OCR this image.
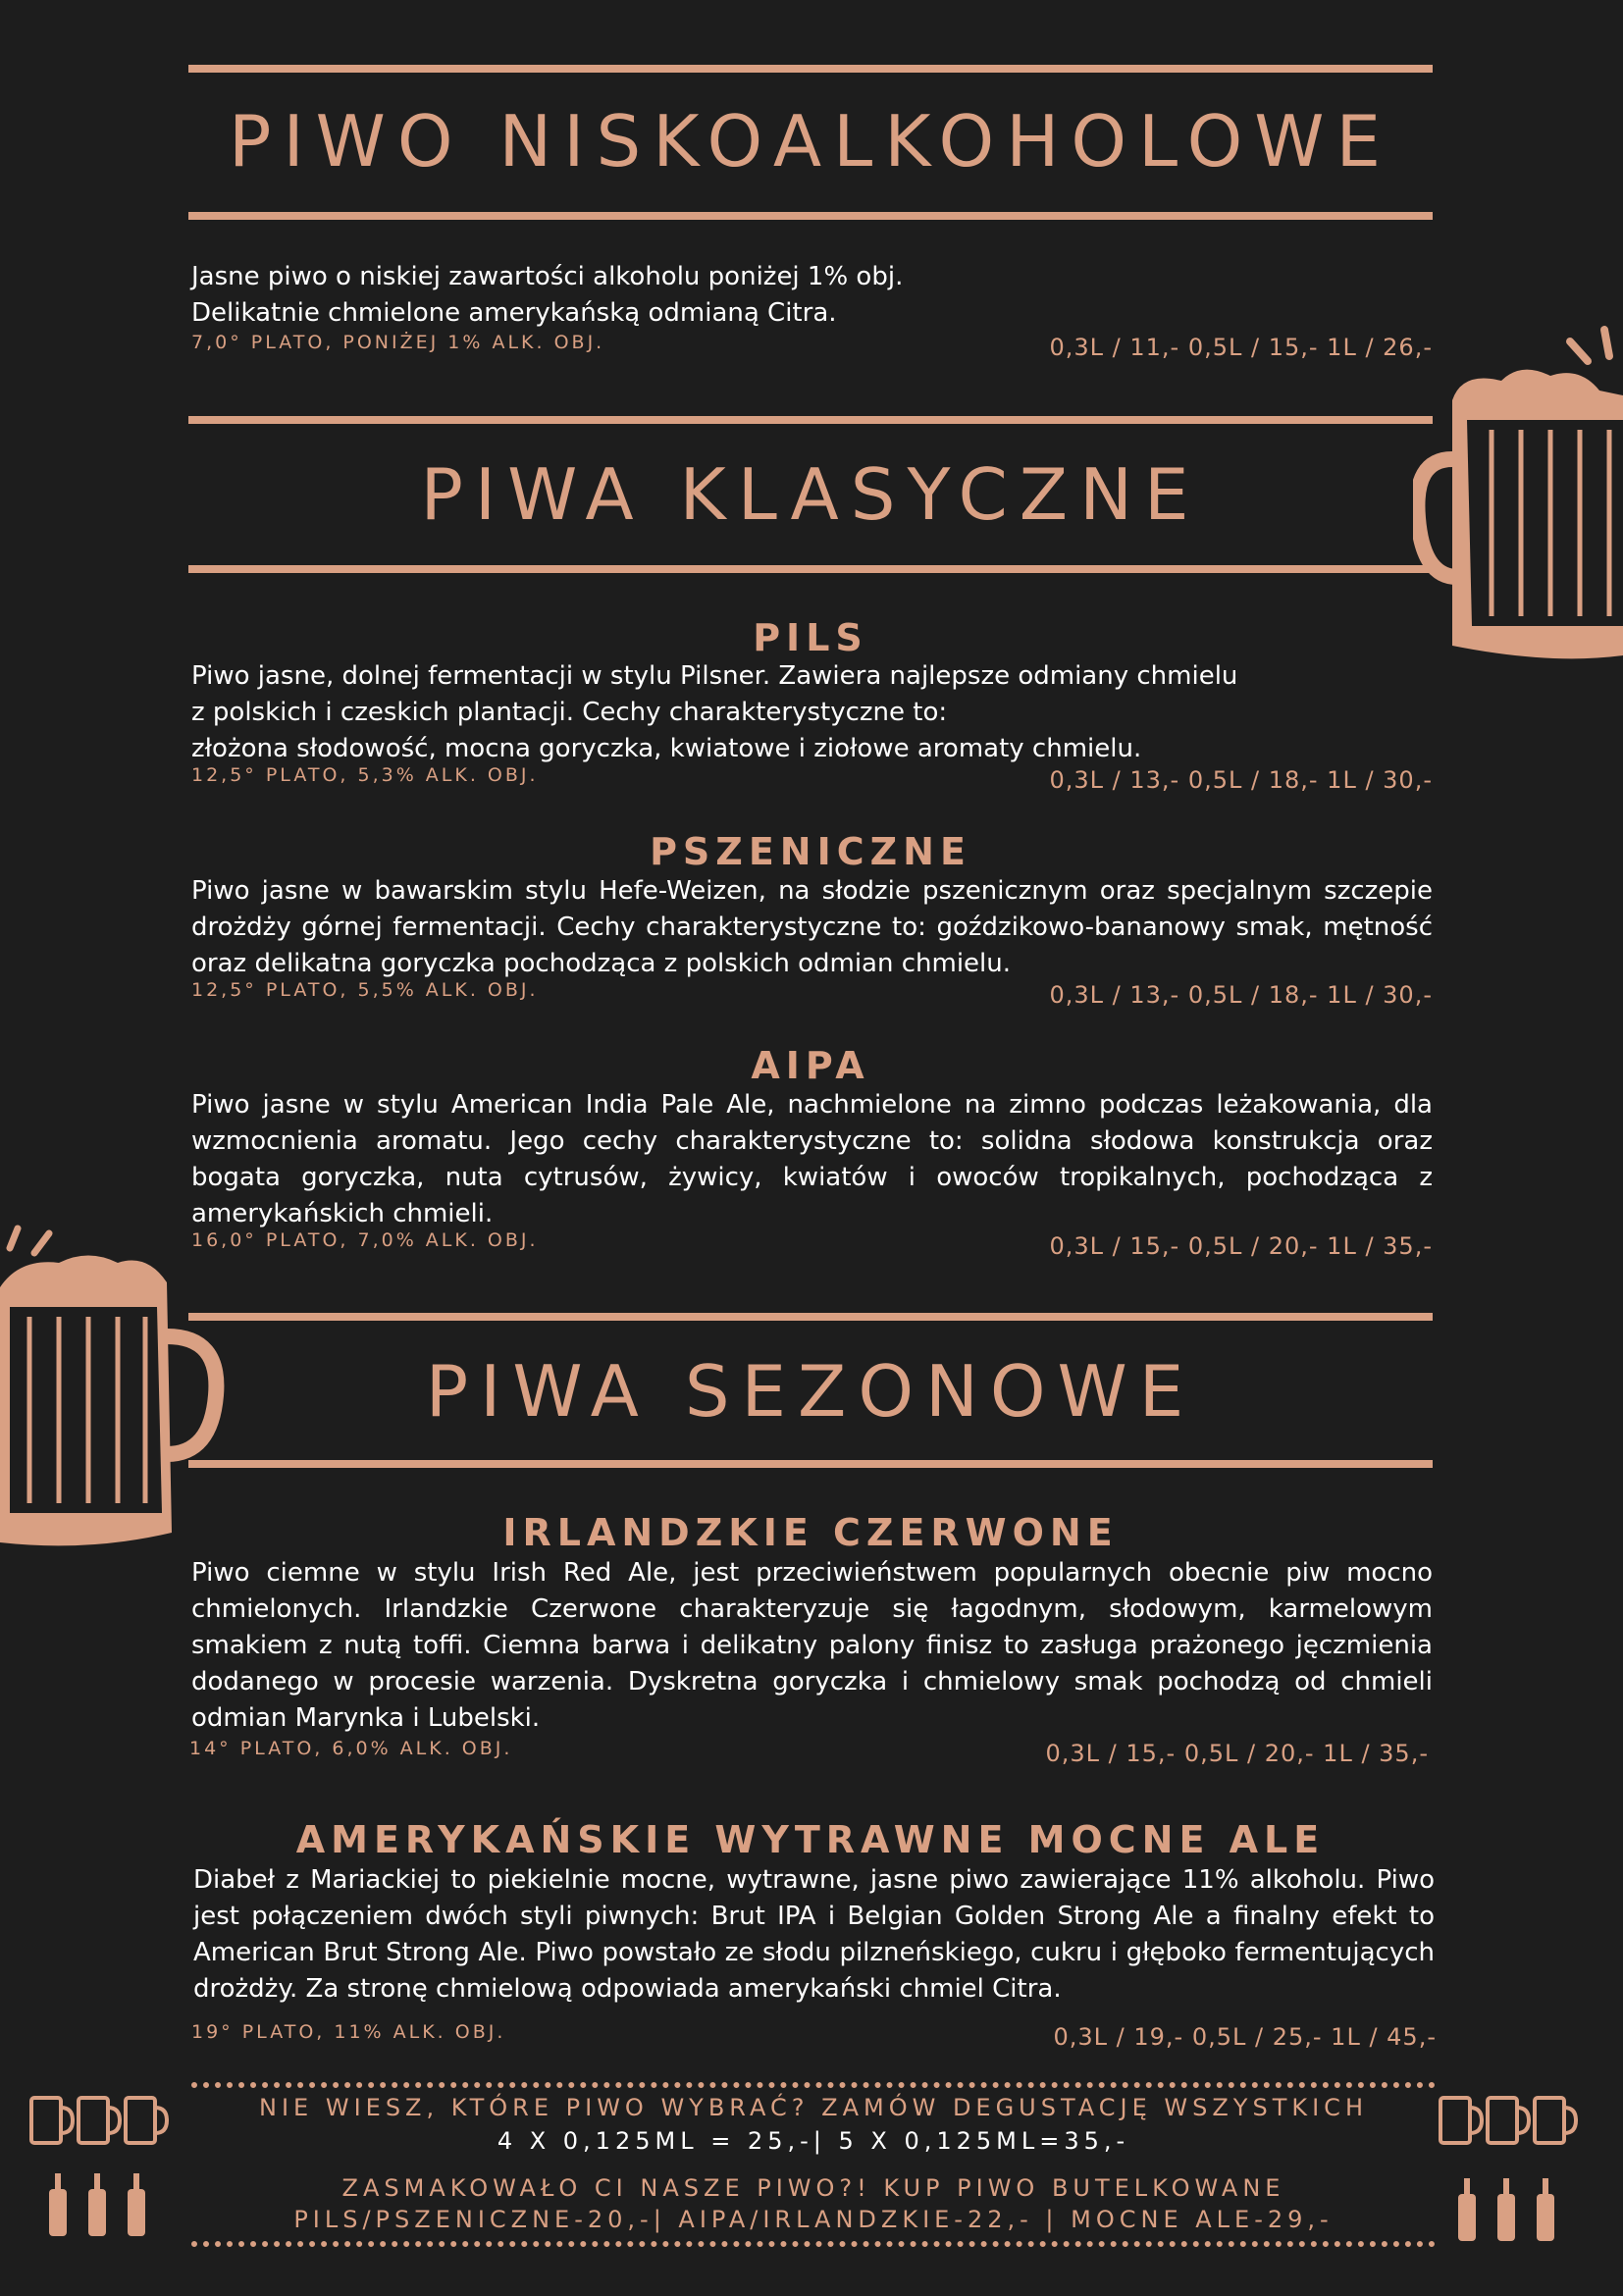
PIWO NISKOALKOHOLOWE

Jasne piwo o niskiej zawartości alkoholu poniżej 1% obj.
Delikatnie chmielone amerykańską odmianą Citra.

7,0° PLATO, PONIŻEJ 1% ALK. OBJ.	0,3L / 11,- 0,5L / 15,- 1L / 26,-

PIWA KLASYCZNE
PILS

Piwo jasne, dolnej fermentacji w stylu Pilsner. Zawiera najlepsze odmiany chmielu
z polskich i czeskich plantacji. Cechy charakterystyczne to:
złożona słodowość, mocna goryczka, kwiatowe i ziołowe aromaty chmielu.

12,5° PLATO, 5,3% ALK. OBJ.	0,3L / 13,- 0,5L / 18,- 1L / 30,-

PSZENICZNE

Piwo jasne w bawarskim stylu Hefe-Weizen, na słodzie pszenicznym oraz specjalnym szczepie drożdży górnej fermentacji. Cechy charakterystyczne to: goździkowo-bananowy smak, mętność oraz delikatna goryczka pochodząca z polskich odmian chmielu.

12,5° PLATO, 5,5% ALK. OBJ.	0,3L / 13,- 0,5L / 18,- 1L / 30,-

AIPA

Piwo jasne w stylu American India Pale Ale, nachmielone na zimno podczas leżakowania, dla wzmocnienia aromatu. Jego cechy charakterystyczne to: solidna słodowa konstrukcja oraz bogata goryczka, nuta cytrusów, żywicy, kwiatów i owoców tropikalnych, pochodząca z amerykańskich chmieli.

16,0° PLATO, 7,0% ALK. OBJ.	0,3L / 15,- 0,5L / 20,- 1L / 35,-

PIWA SEZONOWE
IRLANDZKIE CZERWONE

Piwo ciemne w stylu Irish Red Ale, jest przeciwieństwem popularnych obecnie piw mocno chmielonych. Irlandzkie Czerwone charakteryzuje się łagodnym, słodowym, karmelowym smakiem z nutą toffi. Ciemna barwa i delikatny palony finisz to zasługa prażonego jęczmienia dodanego w procesie warzenia. Dyskretna goryczka i chmielowy smak pochodzą od chmieli odmian Marynka i Lubelski.

14° PLATO, 6,0% ALK. OBJ.	0,3L / 15,- 0,5L / 20,- 1L / 35,-

AMERYKAŃSKIE WYTRAWNE MOCNE ALE

Diabeł z Mariackiej to piekielnie mocne, wytrawne, jasne piwo zawierające 11% alkoholu. Piwo jest połączeniem dwóch styli piwnych: Brut IPA i Belgian Golden Strong Ale a finalny efekt to American Brut Strong Ale. Piwo powstało ze słodu pilzneńskiego, cukru i głęboko fermentujących drożdży. Za stronę chmielową odpowiada amerykański chmiel Citra.

19° PLATO, 11% ALK. OBJ.	0,3L / 19,- 0,5L / 25,- 1L / 45,-

NIE WIESZ, KTÓRE PIWO WYBRAĆ? ZAMÓW DEGUSTACJĘ WSZYSTKICH

4 X 0,125ML = 25,-| 5 X 0,125ML=35,-

ZASMAKOWAŁO CI NASZE PIWO?! KUP PIWO BUTELKOWANE

PILS/PSZENICZNE-20,-| AIPA/IRLANDZKIE-22,- | MOCNE ALE-29,-
